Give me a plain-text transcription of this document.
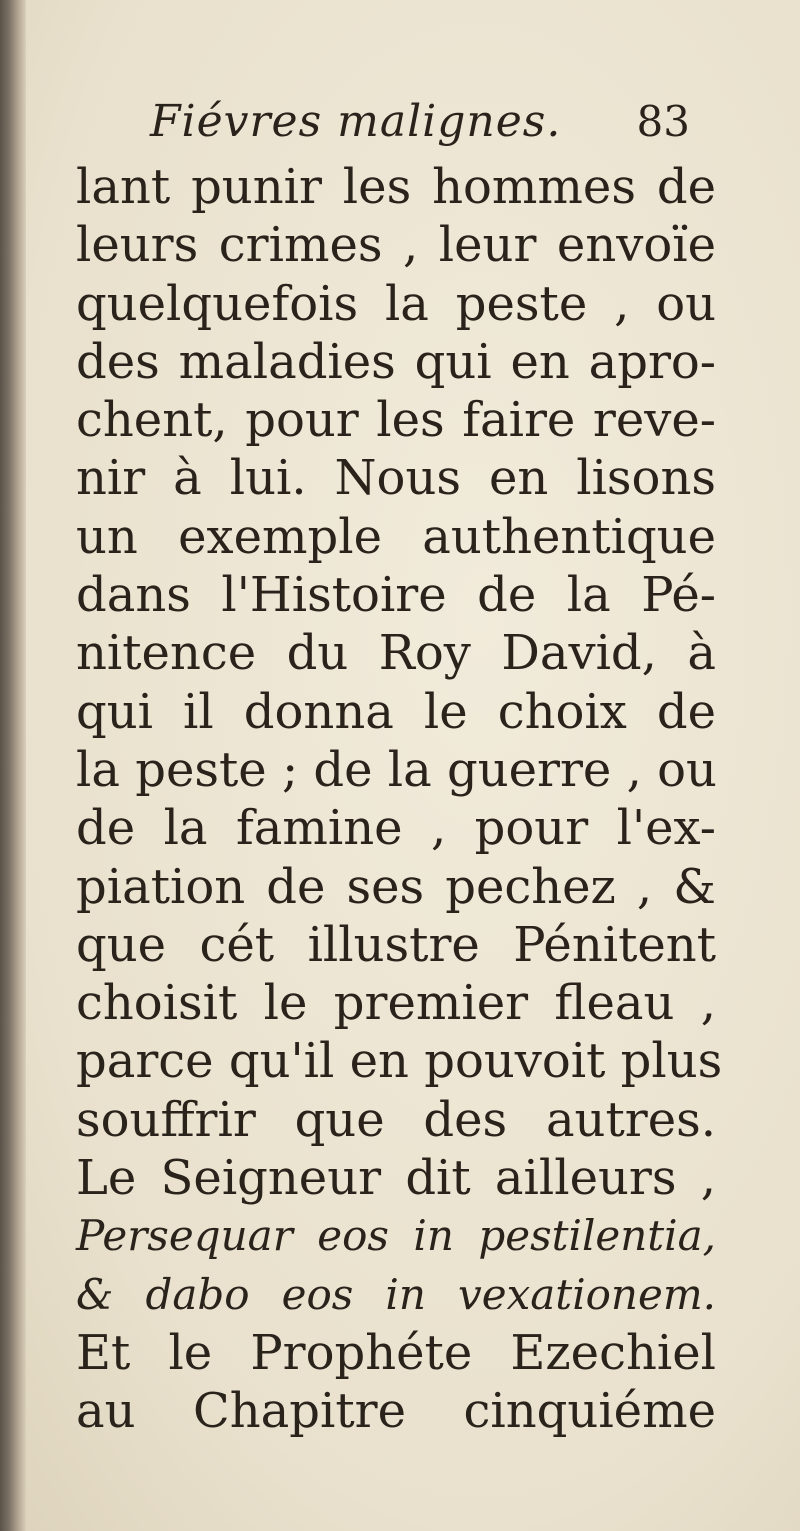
Fiévres malignes. 83
lant punir les hommes de
leurs crimes , leur envoïe
quelquefois la peste , ou
des maladies qui en apro-
chent, pour les faire reve-
nir à lui. Nous en lisons
un exemple authentique
dans l'Histoire de la Pé-
nitence du Roy David, à
qui il donna le choix de
la peste ; de la guerre , ou
de la famine , pour l'ex-
piation de ses pechez , &
que cét illustre Pénitent
choisit le premier fleau ,
parce qu'il en pouvoit plus
souffrir que des autres.
Le Seigneur dit ailleurs ,
Persequar eos in pestilentia,
& dabo eos in vexationem.
Et le Prophéte Ezechiel
au Chapitre cinquiéme
